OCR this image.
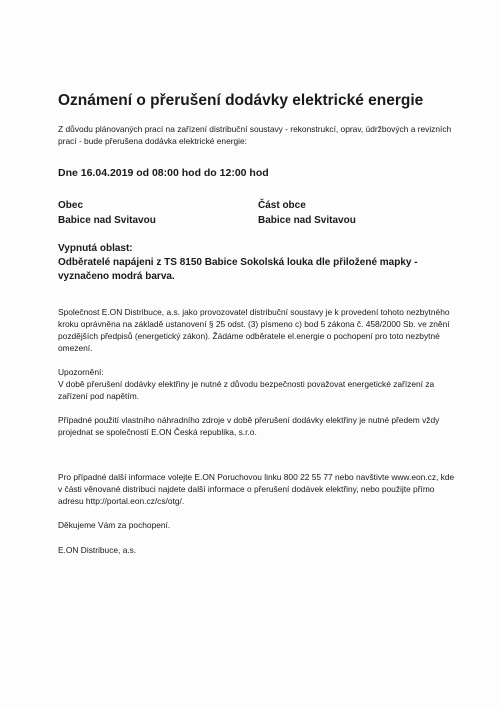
Oznámení o přerušení dodávky elektrické energie

Z důvodu plánovaných prací na zařízení distribuční soustavy - rekonstrukcí, oprav, údržbových a revizních prací - bude přerušena dodávka elektrické energie:

Dne 16.04.2019 od 08:00 hod do 12:00 hod

Obec

Babice nad Svitavou

Část obce

Babice nad Svitavou

Vypnutá oblast:

Odběratelé napájeni z TS 8150 Babice Sokolská louka dle přiložené mapky - vyznačeno modrá barva.

Společnost E.ON Distribuce, a.s. jako provozovatel distribuční soustavy je k provedení tohoto nezbytného kroku oprávněna na základě ustanovení § 25 odst. (3) písmeno c) bod 5 zákona č. 458/2000 Sb. ve znění pozdějších předpisů (energetický zákon). Žádáme odběratele el.energie o pochopení pro toto nezbytné omezení.

Upozornění:

V době přerušení dodávky elektřiny je nutné z důvodu bezpečnosti považovat energetické zařízení za zařízení pod napětím.

Případné použití vlastního náhradního zdroje v době přerušení dodávky elektřiny je nutné předem vždy projednat se společností E.ON Česká republika, s.r.o.

Pro případné další informace volejte E.ON Poruchovou linku 800 22 55 77 nebo navštivte www.eon.cz, kde v části věnované distribuci najdete další informace o přerušení dodávek elektřiny, nebo použijte přímo adresu http://portal.eon.cz/cs/otg/.

Děkujeme Vám za pochopení.

E.ON Distribuce, a.s.
